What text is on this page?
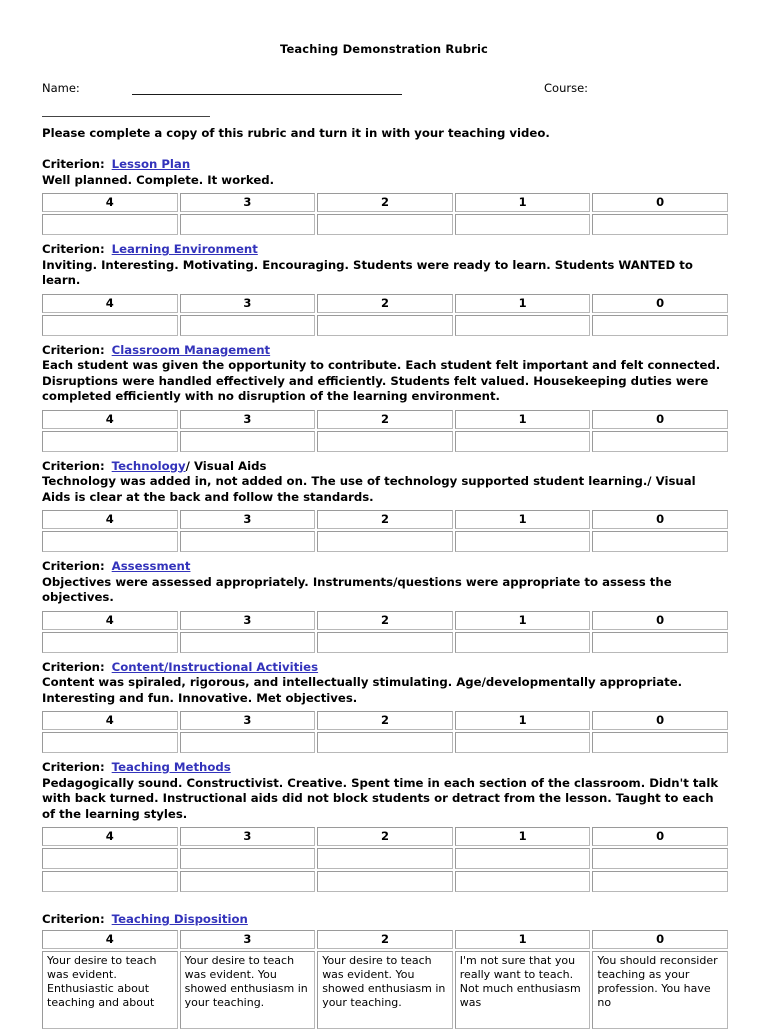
Teaching Demonstration Rubric
Name:	Course:
Please complete a copy of this rubric and turn it in with your teaching video.
Criterion: Lesson Plan
Well planned. Complete. It worked.
4	3	2	1	0

Criterion: Learning Environment
Inviting. Interesting. Motivating. Encouraging. Students were ready to learn. Students WANTED to learn.
4	3	2	1	0

Criterion: Classroom Management
Each student was given the opportunity to contribute. Each student felt important and felt connected. Disruptions were handled effectively and efficiently. Students felt valued. Housekeeping duties were completed efficiently with no disruption of the learning environment.
4	3	2	1	0

Criterion: Technology/ Visual Aids
Technology was added in, not added on. The use of technology supported student learning./ Visual Aids is clear at the back and follow the standards.
4	3	2	1	0

Criterion: Assessment
Objectives were assessed appropriately. Instruments/questions were appropriate to assess the objectives.
4	3	2	1	0

Criterion: Content/Instructional Activities
Content was spiraled, rigorous, and intellectually stimulating. Age/developmentally appropriate. Interesting and fun. Innovative. Met objectives.
4	3	2	1	0

Criterion: Teaching Methods
Pedagogically sound. Constructivist. Creative. Spent time in each section of the classroom. Didn't talk with back turned. Instructional aids did not block students or detract from the lesson. Taught to each of the learning styles.
4	3	2	1	0

Criterion: Teaching Disposition
4	3	2	1	0
Your desire to teach was evident. Enthusiastic about teaching and about	Your desire to teach was evident. You showed enthusiasm in your teaching.	Your desire to teach was evident. You showed enthusiasm in your teaching.	I'm not sure that you really want to teach. Not much enthusiasm was	You should reconsider teaching as your profession. You have no
